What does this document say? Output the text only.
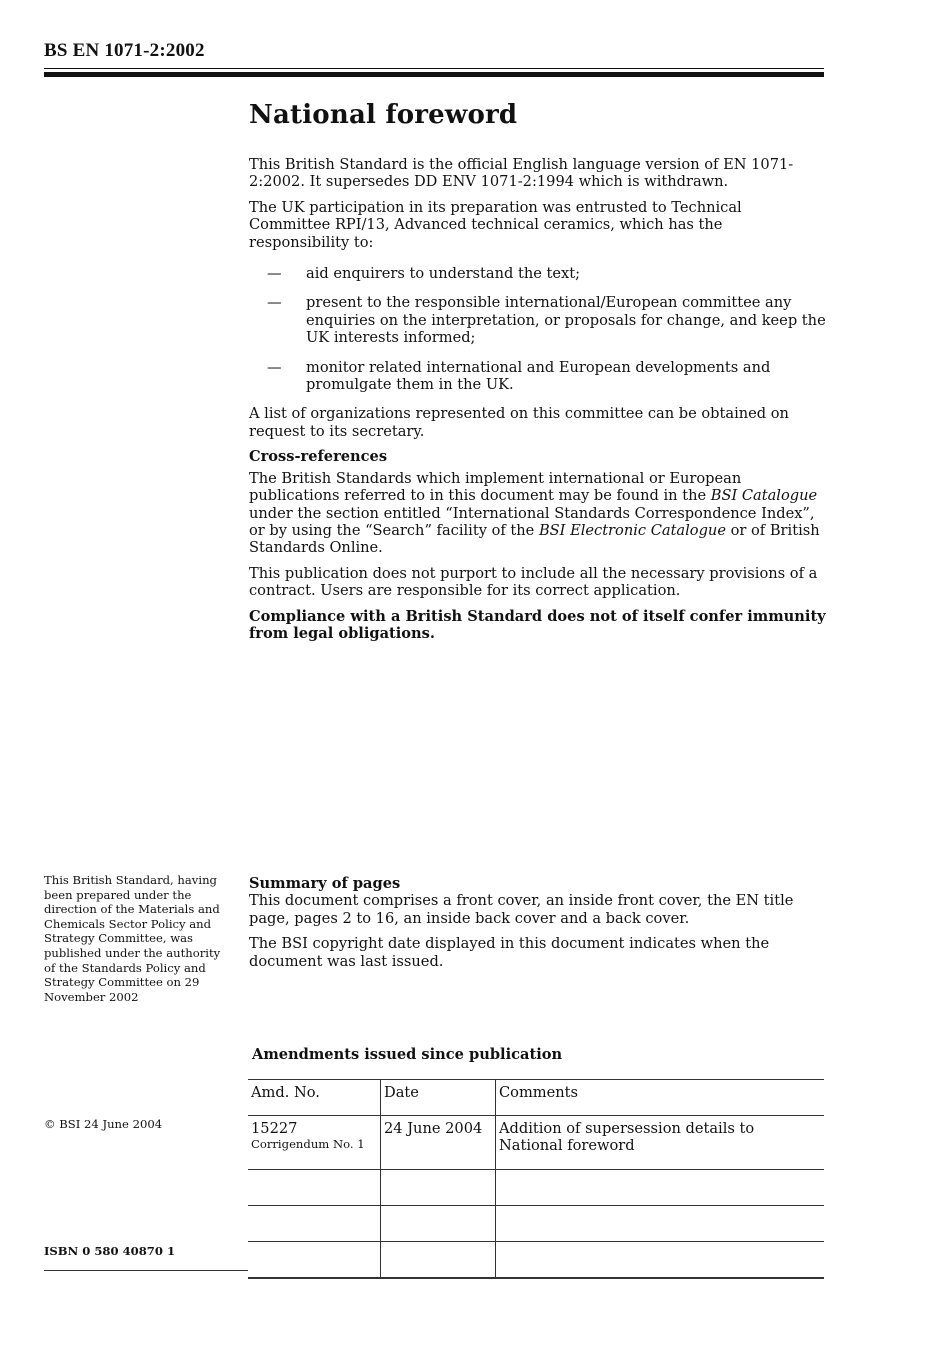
BS EN 1071-2:2002
National foreword

This British Standard is the official English language version of EN 1071-2:2002. It supersedes DD ENV 1071-2:1994 which is withdrawn.

The UK participation in its preparation was entrusted to Technical Committee RPI/13, Advanced technical ceramics, which has the responsibility to:

— aid enquirers to understand the text;
— present to the responsible international/European committee any enquiries on the interpretation, or proposals for change, and keep the UK interests informed;
— monitor related international and European developments and promulgate them in the UK.

A list of organizations represented on this committee can be obtained on request to its secretary.

Cross-references

The British Standards which implement international or European publications referred to in this document may be found in the BSI Catalogue under the section entitled “International Standards Correspondence Index”, or by using the “Search” facility of the BSI Electronic Catalogue or of British Standards Online.

This publication does not purport to include all the necessary provisions of a contract. Users are responsible for its correct application.

Compliance with a British Standard does not of itself confer immunity from legal obligations.

This British Standard, having been prepared under the direction of the Materials and Chemicals Sector Policy and Strategy Committee, was published under the authority of the Standards Policy and Strategy Committee on 29 November 2002

Summary of pages

This document comprises a front cover, an inside front cover, the EN title page, pages 2 to 16, an inside back cover and a back cover.

The BSI copyright date displayed in this document indicates when the document was last issued.

Amendments issued since publication
Amd. No.	Date	Comments
15227
Corrigendum No. 1	24 June 2004	Addition of supersession details to National foreword

© BSI 24 June 2004
ISBN 0 580 40870 1
